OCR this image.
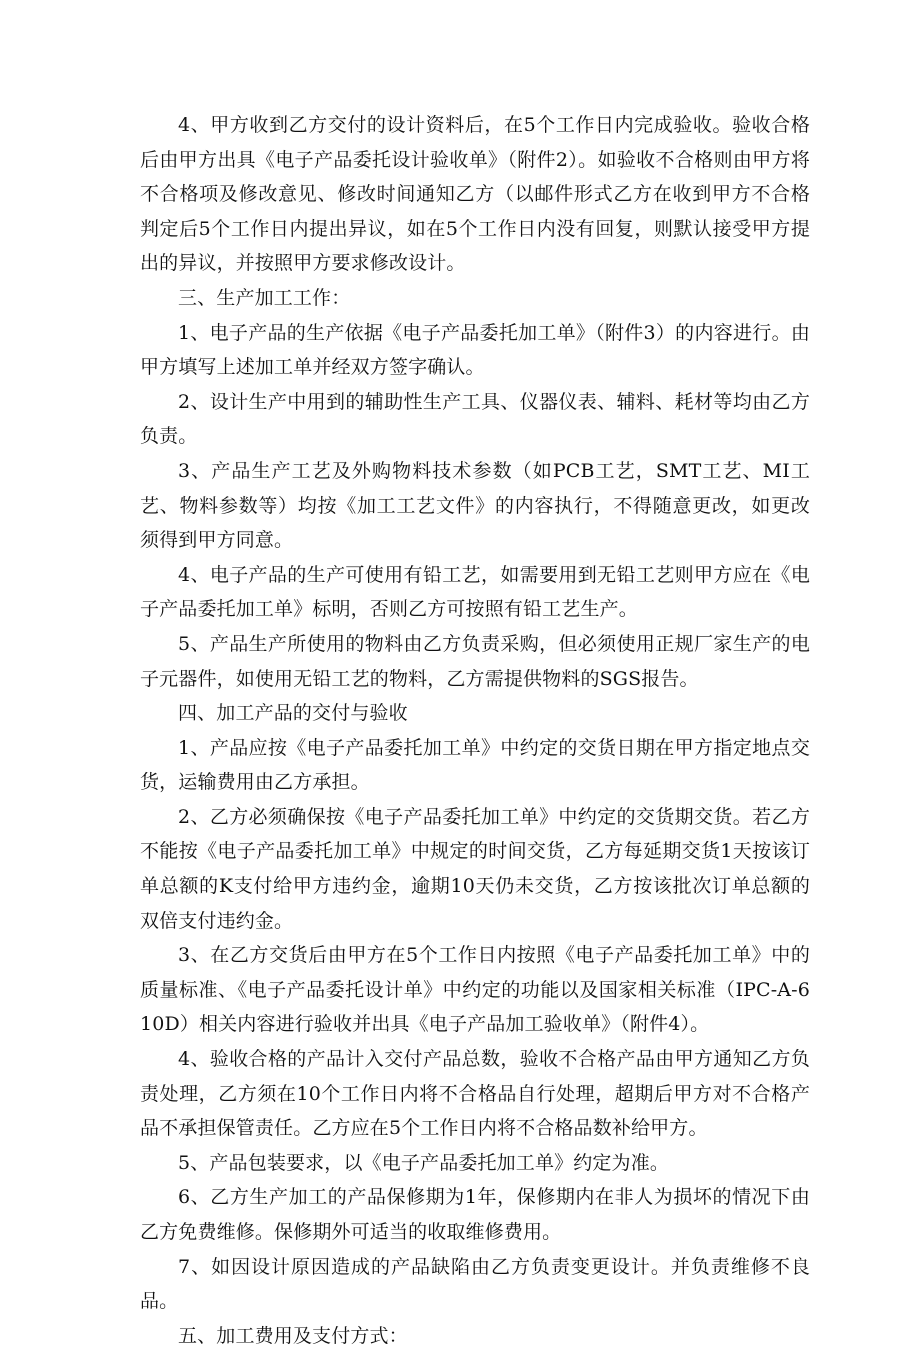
4、甲方收到乙方交付的设计资料后，在5个工作日内完成验收。验收合格后由甲方出具《电子产品委托设计验收单》（附件2）。如验收不合格则由甲方将不合格项及修改意见、修改时间通知乙方（以邮件形式乙方在收到甲方不合格判定后5个工作日内提出异议，如在5个工作日内没有回复，则默认接受甲方提出的异议，并按照甲方要求修改设计。

三、生产加工工作：

1、电子产品的生产依据《电子产品委托加工单》（附件3）的内容进行。由甲方填写上述加工单并经双方签字确认。

2、设计生产中用到的辅助性生产工具、仪器仪表、辅料、耗材等均由乙方负责。

3、产品生产工艺及外购物料技术参数（如PCB工艺，SMT工艺、MI工艺、物料参数等）均按《加工工艺文件》的内容执行，不得随意更改，如更改须得到甲方同意。

4、电子产品的生产可使用有铅工艺，如需要用到无铅工艺则甲方应在《电子产品委托加工单》标明，否则乙方可按照有铅工艺生产。

5、产品生产所使用的物料由乙方负责采购，但必须使用正规厂家生产的电子元器件，如使用无铅工艺的物料，乙方需提供物料的SGS报告。

四、加工产品的交付与验收

1、产品应按《电子产品委托加工单》中约定的交货日期在甲方指定地点交货，运输费用由乙方承担。

2、乙方必须确保按《电子产品委托加工单》中约定的交货期交货。若乙方不能按《电子产品委托加工单》中规定的时间交货，乙方每延期交货1天按该订单总额的K支付给甲方违约金，逾期10天仍未交货，乙方按该批次订单总额的双倍支付违约金。

3、在乙方交货后由甲方在5个工作日内按照《电子产品委托加工单》中的质量标准、《电子产品委托设计单》中约定的功能以及国家相关标准（IPC-A-610D）相关内容进行验收并出具《电子产品加工验收单》（附件4）。

4、验收合格的产品计入交付产品总数，验收不合格产品由甲方通知乙方负责处理，乙方须在10个工作日内将不合格品自行处理，超期后甲方对不合格产品不承担保管责任。乙方应在5个工作日内将不合格品数补给甲方。

5、产品包装要求，以《电子产品委托加工单》约定为准。

6、乙方生产加工的产品保修期为1年，保修期内在非人为损坏的情况下由乙方免费维修。保修期外可适当的收取维修费用。

7、如因设计原因造成的产品缺陷由乙方负责变更设计。并负责维修不良品。

五、加工费用及支付方式：
